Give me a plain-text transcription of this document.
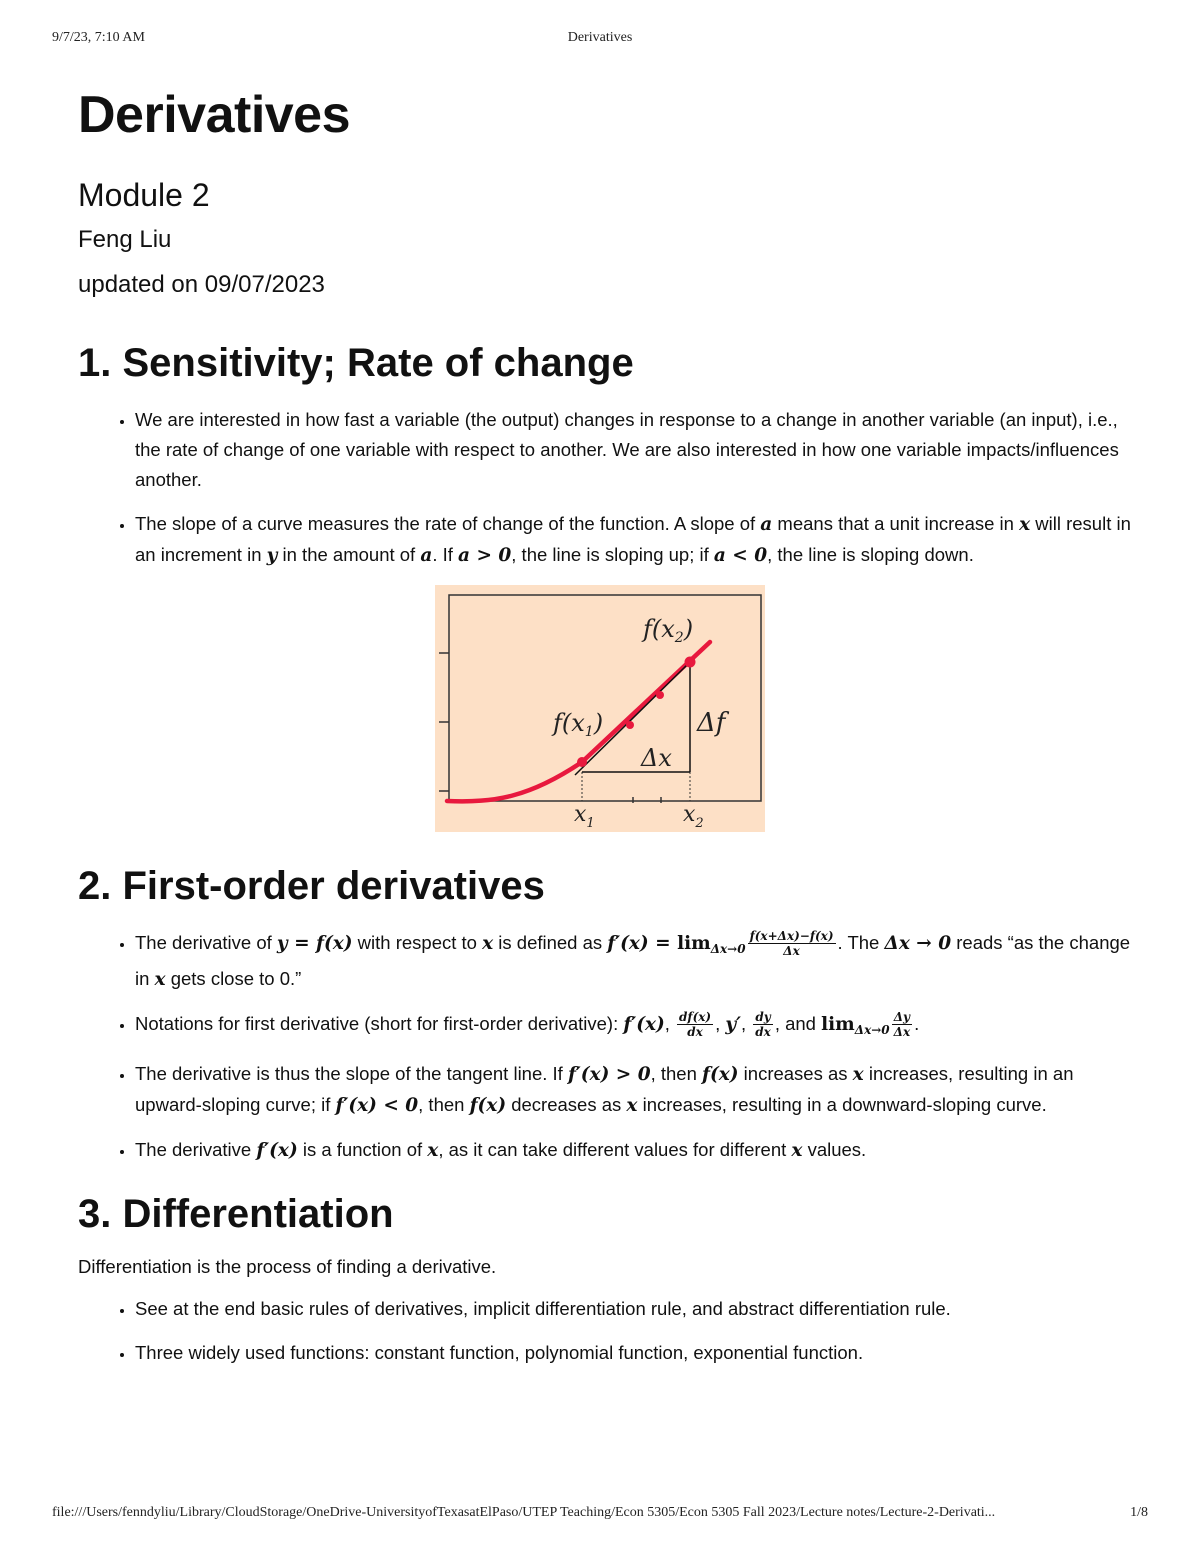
9/7/23, 7:10 AM	Derivatives
Derivatives
Module 2
Feng Liu
updated on 09/07/2023
1. Sensitivity; Rate of change
• We are interested in how fast a variable (the output) changes in response to a change in another variable (an input), i.e., the rate of change of one variable with respect to another. We are also interested in how one variable impacts/influences another.
• The slope of a curve measures the rate of change of the function. A slope of a means that a unit increase in x will result in an increment in y in the amount of a. If a > 0, the line is sloping up; if a < 0, the line is sloping down.
$f(x_1)$
$f(x_2)$
Δf
Δx
$x_1$	$x_2$
2. First-order derivatives
• The derivative of y = f(x) with respect to x is defined as $f'(x) = \lim_{\Delta x\to 0} \frac{f(x+\Delta x)-f(x)}{\Delta x}$ . The Δx → 0 reads “as the change in x gets close to 0.”
• Notations for first derivative (short for first-order derivative): f′(x), $\frac{df(x)}{dx}$ , y′, $\frac{dy}{dx}$ , and $\lim_{\Delta x\to 0} \frac{\Delta y}{\Delta x}$ .
• The derivative is thus the slope of the tangent line. If f′(x) > 0, then f(x) increases as x increases, resulting in an upward-sloping curve; if f′(x) < 0, then f(x) decreases as x increases, resulting in a downward-sloping curve.
• The derivative f′(x) is a function of x, as it can take different values for different x values.
3. Differentiation

Differentiation is the process of finding a derivative.

• See at the end basic rules of derivatives, implicit differentiation rule, and abstract differentiation rule.
• Three widely used functions: constant function, polynomial function, exponential function.
file:///Users/fenndyliu/Library/CloudStorage/OneDrive-UniversityofTexasatElPaso/UTEP Teaching/Econ 5305/Econ 5305 Fall 2023/Lecture notes/Lecture-2-Derivati...	1/8
